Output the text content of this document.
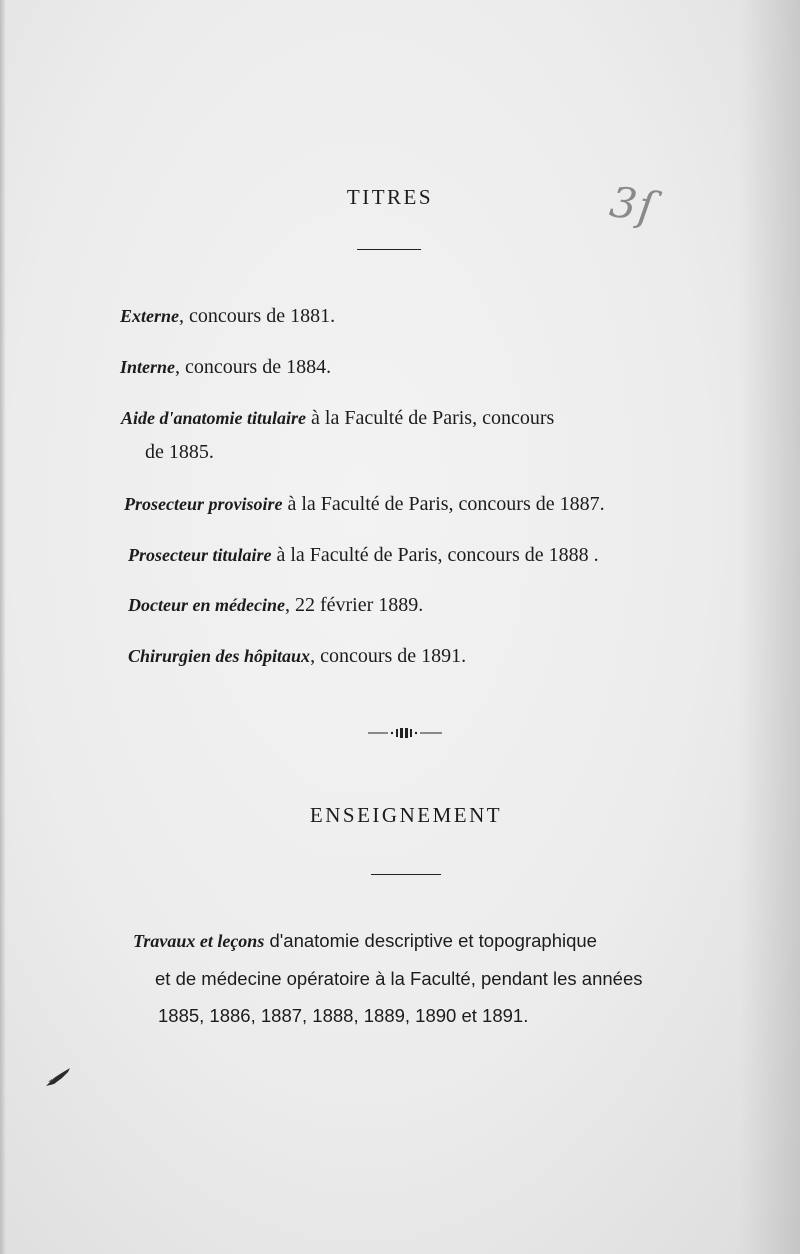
3ſ
TITRES
Externe, concours de 1881.
Interne, concours de 1884.
Aide d'anatomie titulaire à la Faculté de Paris, concours
de 1885.
Prosecteur provisoire à la Faculté de Paris, concours de 1887.
Prosecteur titulaire à la Faculté de Paris, concours de 1888 .
Docteur en médecine, 22 février 1889.
Chirurgien des hôpitaux, concours de 1891.
ENSEIGNEMENT
Travaux et leçons d'anatomie descriptive et topographique
et de médecine opératoire à la Faculté, pendant les années
1885, 1886, 1887, 1888, 1889, 1890 et 1891.
